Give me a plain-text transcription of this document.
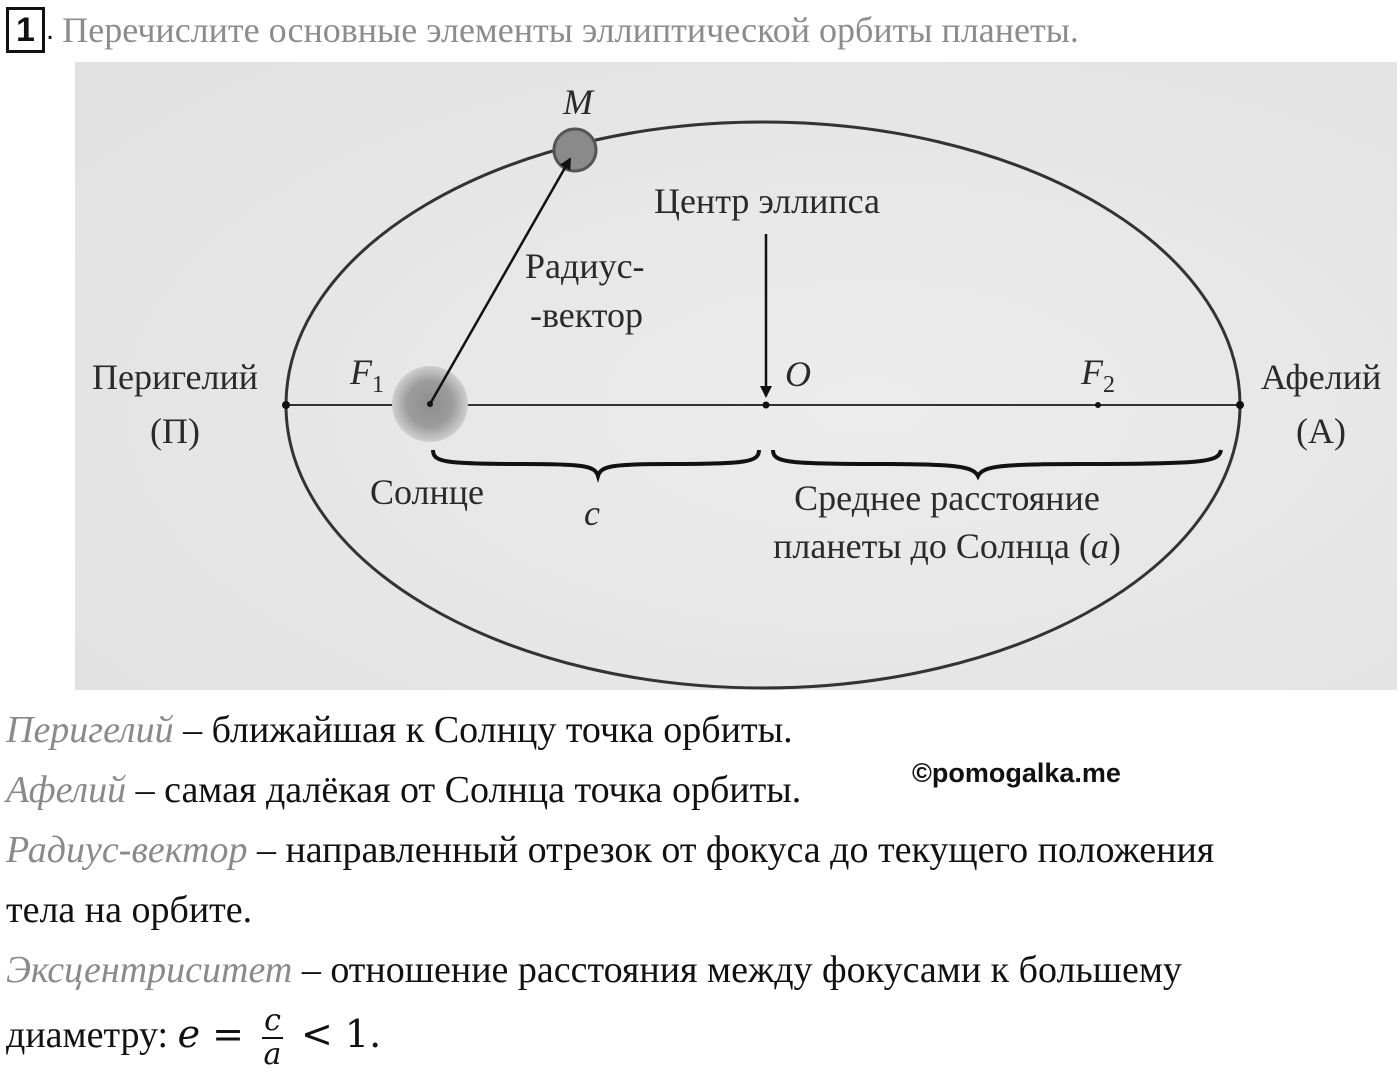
1 . Перечислите основные элементы эллиптической орбиты планеты.
M
Центр эллипса
Радиус-
-вектор
Перигелий
(П)
Афелий
(А)
$F_1$	$F_2$
O
Солнце
c	Среднее расстояние
планеты до Солнца (a)
Перигелий – ближайшая к Солнцу точка орбиты.
Афелий – самая далёкая от Солнца точка орбиты.
Радиус-вектор – направленный отрезок от фокуса до текущего положения
тела на орбите.
Эксцентриситет – отношение расстояния между фокусами к большему
диаметру: $e = \frac{c}{a} < 1$.
©pomogalka.me
